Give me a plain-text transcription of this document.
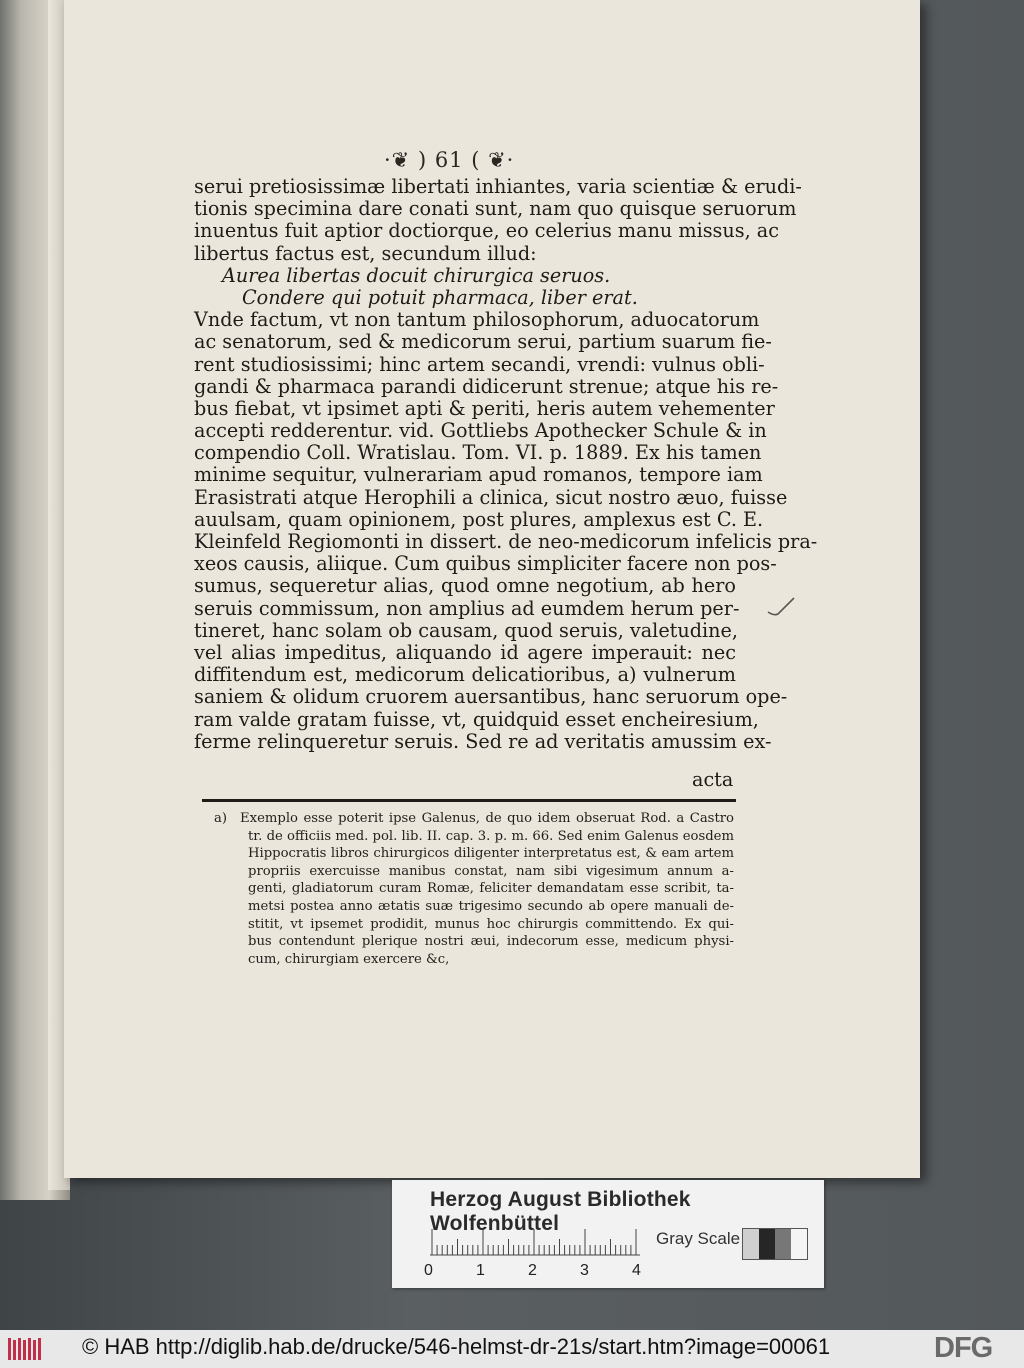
·❦ ) 61 ( ❦·
serui pretiosissimæ libertati inhiantes, varia scientiæ & erudi-
tionis specimina dare conati sunt, nam quo quisque seruorum
inuentus fuit aptior doctiorque, eo celerius manu missus, ac
libertus factus est, secundum illud:
Aurea libertas docuit chirurgica seruos.
Condere qui potuit pharmaca, liber erat.
Vnde factum, vt non tantum philosophorum, aduocatorum
ac senatorum, sed & medicorum serui, partium suarum fie-
rent studiosissimi; hinc artem secandi, vrendi: vulnus obli-
gandi & pharmaca parandi didicerunt strenue; atque his re-
bus fiebat, vt ipsimet apti & periti, heris autem vehementer
accepti redderentur. vid. Gottliebs Apothecker Schule & in
compendio Coll. Wratislau. Tom. VI. p. 1889. Ex his tamen
minime sequitur, vulnerariam apud romanos, tempore iam
Erasistrati atque Herophili a clinica, sicut nostro æuo, fuisse
auulsam, quam opinionem, post plures, amplexus est C. E.
Kleinfeld Regiomonti in dissert. de neo-medicorum infelicis pra-
xeos causis, aliique. Cum quibus simpliciter facere non pos-
sumus, sequeretur alias, quod omne negotium, ab hero
seruis commissum, non amplius ad eumdem herum per-
tineret, hanc solam ob causam, quod seruis, valetudine,
vel alias impeditus, aliquando id agere imperauit: nec
diffitendum est, medicorum delicatioribus, a) vulnerum
saniem & olidum cruorem auersantibus, hanc seruorum ope-
ram valde gratam fuisse, vt, quidquid esset encheiresium,
ferme relinqueretur seruis. Sed re ad veritatis amussim ex-
acta
a) Exemplo esse poterit ipse Galenus, de quo idem obseruat Rod. a Castro
tr. de officiis med. pol. lib. II. cap. 3. p. m. 66. Sed enim Galenus eosdem
Hippocratis libros chirurgicos diligenter interpretatus est, & eam artem
propriis exercuisse manibus constat, nam sibi vigesimum annum a-
genti, gladiatorum curam Romæ, feliciter demandatam esse scribit, ta-
metsi postea anno ætatis suæ trigesimo secundo ab opere manuali de-
stitit, vt ipsemet prodidit, munus hoc chirurgis committendo. Ex qui-
bus contendunt plerique nostri æui, indecorum esse, medicum physi-
cum, chirurgiam exercere &c,
Herzog August Bibliothek Wolfenbüttel
0	1	2	3	4
Gray Scale
© HAB http://diglib.hab.de/drucke/546-helmst-dr-21s/start.htm?image=00061	DFG
